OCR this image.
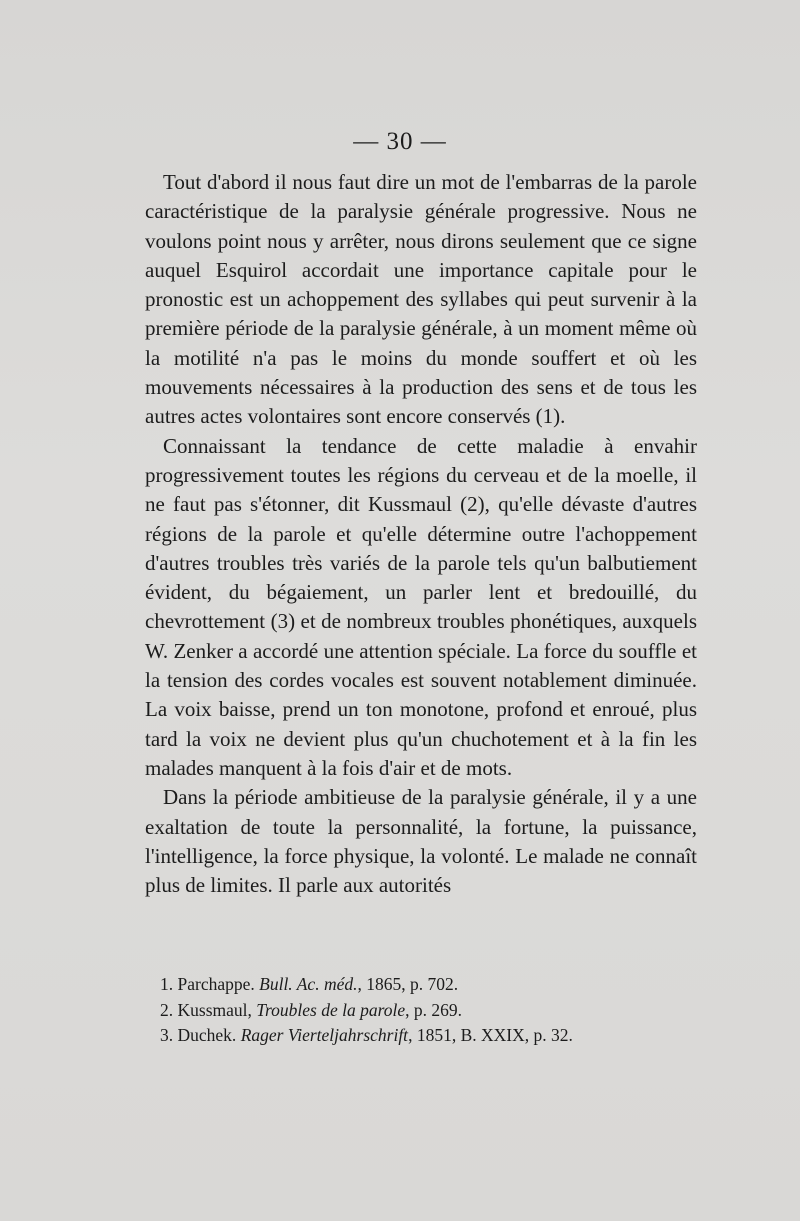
— 30 —

Tout d'abord il nous faut dire un mot de l'embarras de la parole caractéristique de la paralysie générale progressive. Nous ne voulons point nous y arrêter, nous dirons seulement que ce signe auquel Esquirol accordait une importance capitale pour le pronostic est un achoppement des syllabes qui peut survenir à la première période de la paralysie générale, à un moment même où la motilité n'a pas le moins du monde souffert et où les mouvements nécessaires à la production des sens et de tous les autres actes volontaires sont encore conservés (1).

Connaissant la tendance de cette maladie à envahir progressivement toutes les régions du cerveau et de la moelle, il ne faut pas s'étonner, dit Kussmaul (2), qu'elle dévaste d'autres régions de la parole et qu'elle détermine outre l'achoppement d'autres troubles très variés de la parole tels qu'un balbutiement évident, du bégaiement, un parler lent et bredouillé, du chevrottement (3) et de nombreux troubles phonétiques, auxquels W. Zenker a accordé une attention spéciale. La force du souffle et la tension des cordes vocales est souvent notablement diminuée. La voix baisse, prend un ton monotone, profond et enroué, plus tard la voix ne devient plus qu'un chuchotement et à la fin les malades manquent à la fois d'air et de mots.

Dans la période ambitieuse de la paralysie générale, il y a une exaltation de toute la personnalité, la fortune, la puissance, l'intelligence, la force physique, la volonté. Le malade ne connaît plus de limites. Il parle aux autorités

1. Parchappe. Bull. Ac. méd., 1865, p. 702.
2. Kussmaul, Troubles de la parole, p. 269.
3. Duchek. Rager Vierteljahrschrift, 1851, B. XXIX, p. 32.
